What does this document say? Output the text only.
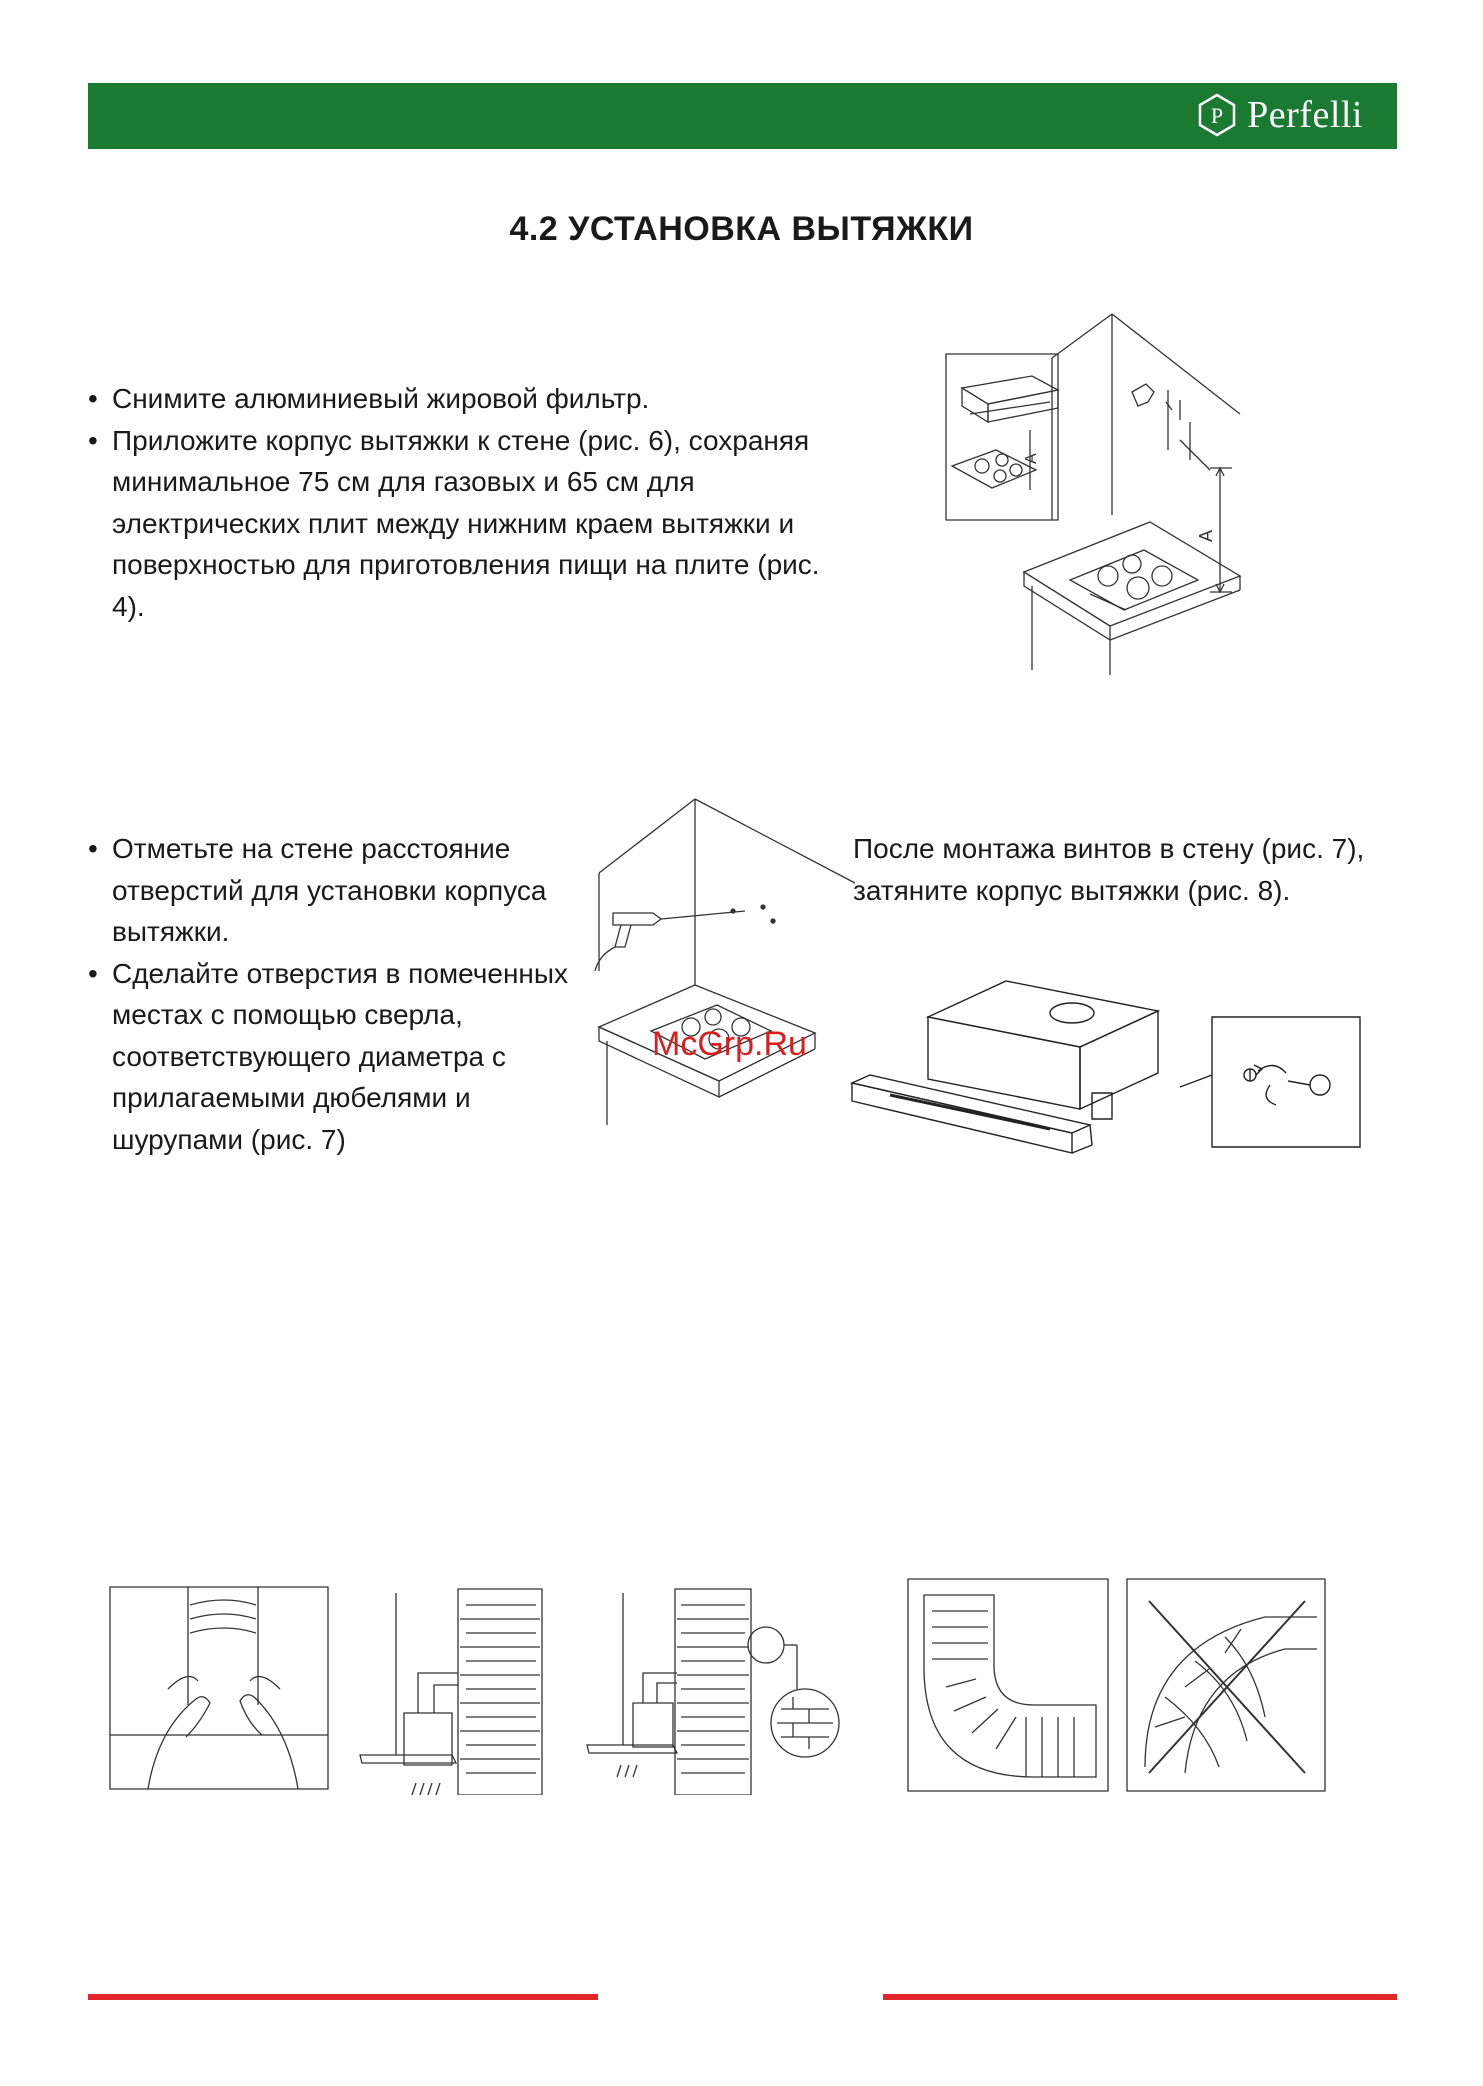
P Perfelli
4.2 УСТАНОВКА ВЫТЯЖКИ
• Снимите алюминиевый жировой фильтр.
• Приложите корпус вытяжки к стене (рис. 6), сохраняя минимальное 75 см для газовых и 65 см для электрических плит между нижним краем вытяжки и поверхностью для приготовления пищи на плите (рис. 4).
A
A
• Отметьте на стене расстояние отверстий для установки корпуса вытяжки.
• Сделайте отверстия в помеченных местах с помощью сверла, соответствующего диаметра с прилагаемыми дюбелями и шурупами (рис. 7)
McGrp.Ru

После монтажа винтов в стену (рис. 7), затяните корпус вытяжки (рис. 8).
